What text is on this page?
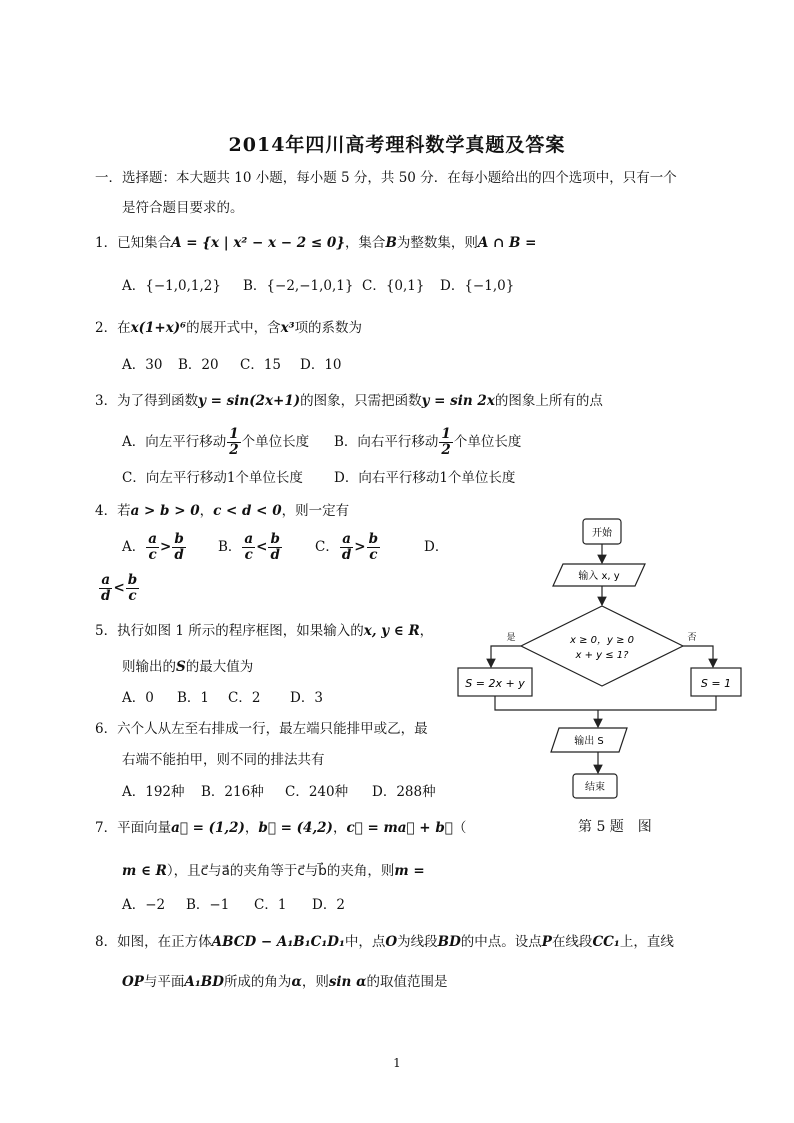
2014年四川高考理科数学真题及答案
一．选择题：本大题共 10 小题，每小题 5 分，共 50 分．在每小题给出的四个选项中，只有一个
是符合题目要求的。
1．已知集合A = {x | x² − x − 2 ≤ 0}，集合B为整数集，则A ∩ B =
A．{−1,0,1,2} B．{−2,−1,0,1} C．{0,1} D．{−1,0}
2．在x(1+x)⁶的展开式中，含x³项的系数为
A．30 B．20 C．15 D．10
3．为了得到函数y = sin(2x+1)的图象，只需把函数y = sin 2x的图象上所有的点
A．向左平行移动 $\frac{1}{2}$ 个单位长度 B．向右平行移动 $\frac{1}{2}$ 个单位长度
C．向左平行移动1个单位长度 D．向右平行移动1个单位长度
4．若a > b > 0，c < d < 0，则一定有
A． $\frac{a}{c} > \frac{b}{d}$ B． $\frac{a}{c} < \frac{b}{d}$ C． $\frac{a}{d} > \frac{b}{c}$	D．
$\frac{a}{d} < \frac{b}{c}$
5．执行如图 1 所示的程序框图，如果输入的x, y ∈ R，
则输出的S的最大值为
A．0 B．1 C．2 D．3
6．六个人从左至右排成一行，最左端只能排甲或乙，最
右端不能拍甲，则不同的排法共有
A．192种 B．216种 C．240种 D．288种
7．平面向量a⃗ = (1,2)，b⃗ = (4,2)，c⃗ = ma⃗ + b⃗（
m ∈ R），且c⃗与a⃗的夹角等于c⃗与b⃗的夹角，则m =
A．−2 B．−1 C．1 D．2
8．如图，在正方体ABCD − A₁B₁C₁D₁中，点O为线段BD的中点。设点P在线段CC₁上，直线
OP与平面A₁BD所成的角为α，则sin α的取值范围是
开始
输入 x, y
x ≥ 0，y ≥ 0
x + y ≤ 1?
是
S = 2x + y
否
S = 1
输出 S
结束
第 5 题　图
1
